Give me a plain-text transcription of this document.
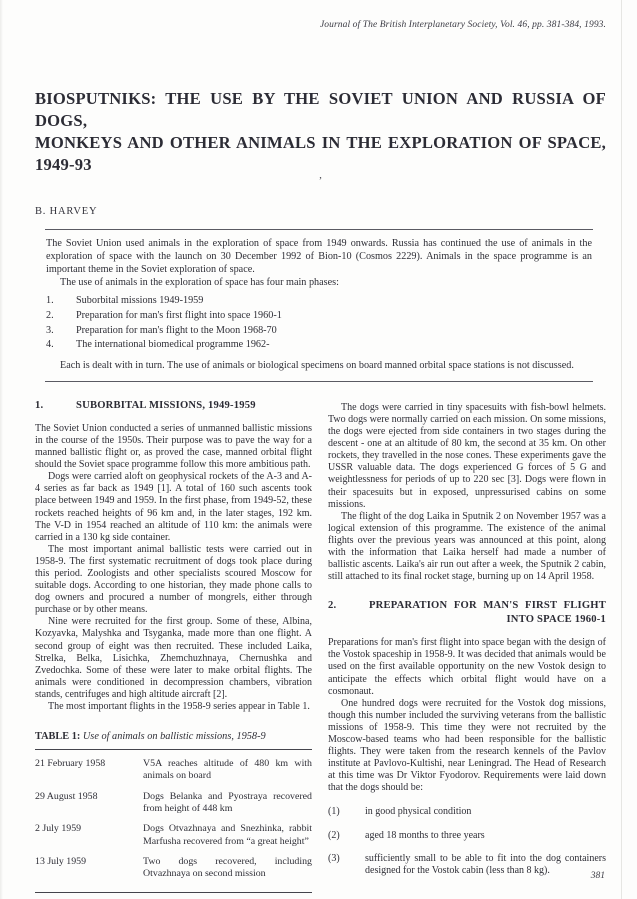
Journal of The British Interplanetary Society, Vol. 46, pp. 381-384, 1993.
BIOSPUTNIKS: THE USE BY THE SOVIET UNION AND RUSSIA OF DOGS,
MONKEYS AND OTHER ANIMALS IN THE EXPLORATION OF SPACE, 1949-93
’
B. HARVEY

The Soviet Union used animals in the exploration of space from 1949 onwards. Russia has continued the use of animals in the exploration of space with the launch on 30 December 1992 of Bion-10 (Cosmos 2229). Animals in the space programme is an important theme in the Soviet exploration of space.

The use of animals in the exploration of space has four main phases:

1.	Suborbital missions 1949-1959
2.	Preparation for man's first flight into space 1960-1
3.	Preparation for man's flight to the Moon 1968-70
4.	The international biomedical programme 1962-

Each is dealt with in turn. The use of animals or biological specimens on board manned orbital space stations is not discussed.

1.	SUBORBITAL MISSIONS, 1949-1959

The Soviet Union conducted a series of unmanned ballistic missions in the course of the 1950s. Their purpose was to pave the way for a manned ballistic flight or, as proved the case, manned orbital flight should the Soviet space programme follow this more ambitious path.

Dogs were carried aloft on geophysical rockets of the A-3 and A-4 series as far back as 1949 [1]. A total of 160 such ascents took place between 1949 and 1959. In the first phase, from 1949-52, these rockets reached heights of 96 km and, in the later stages, 192 km. The V-D in 1954 reached an altitude of 110 km: the animals were carried in a 130 kg side container.

The most important animal ballistic tests were carried out in 1958-9. The first systematic recruitment of dogs took place during this period. Zoologists and other specialists scoured Moscow for suitable dogs. According to one historian, they made phone calls to dog owners and procured a number of mongrels, either through purchase or by other means.

Nine were recruited for the first group. Some of these, Albina, Kozyavka, Malyshka and Tsyganka, made more than one flight. A second group of eight was then recruited. These included Laika, Strelka, Belka, Lisichka, Zhemchuzhnaya, Chernushka and Zvedochka. Some of these were later to make orbital flights. The animals were conditioned in decompression chambers, vibration stands, centrifuges and high altitude aircraft [2].

The most important flights in the 1958-9 series appear in Table 1.

TABLE 1: Use of animals on ballistic missions, 1958-9
21 February 1958	V5A reaches altitude of 480 km with animals on board
29 August 1958	Dogs Belanka and Pyostraya recovered from height of 448 km
2 July 1959	Dogs Otvazhnaya and Snezhinka, rabbit Marfusha recovered from “a great height”
13 July 1959	Two dogs recovered, including Otvazhnaya on second mission

The dogs were carried in tiny spacesuits with fish-bowl helmets. Two dogs were normally carried on each mission. On some missions, the dogs were ejected from side containers in two stages during the descent - one at an altitude of 80 km, the second at 35 km. On other rockets, they travelled in the nose cones. These experiments gave the USSR valuable data. The dogs experienced G forces of 5 G and weightlessness for periods of up to 220 sec [3]. Dogs were flown in their spacesuits but in exposed, unpressurised cabins on some missions.

The flight of the dog Laika in Sputnik 2 on November 1957 was a logical extension of this programme. The existence of the animal flights over the previous years was announced at this point, along with the information that Laika herself had made a number of ballistic ascents. Laika's air run out after a week, the Sputnik 2 cabin, still attached to its final rocket stage, burning up on 14 April 1958.

2.	PREPARATION FOR MAN'S FIRST FLIGHT
INTO SPACE 1960-1

Preparations for man's first flight into space began with the design of the Vostok spaceship in 1958-9. It was decided that animals would be used on the first available opportunity on the new Vostok design to anticipate the effects which orbital flight would have on a cosmonaut.

One hundred dogs were recruited for the Vostok dog missions, though this number included the surviving veterans from the ballistic missions of 1958-9. This time they were not recruited by the Moscow-based teams who had been responsible for the ballistic flights. They were taken from the research kennels of the Pavlov institute at Pavlovo-Kultishi, near Leningrad. The Head of Research at this time was Dr Viktor Fyodorov. Requirements were laid down that the dogs should be:

(1)	in good physical condition
(2)	aged 18 months to three years
(3)	sufficiently small to be able to fit into the dog containers designed for the Vostok cabin (less than 8 kg).
381
